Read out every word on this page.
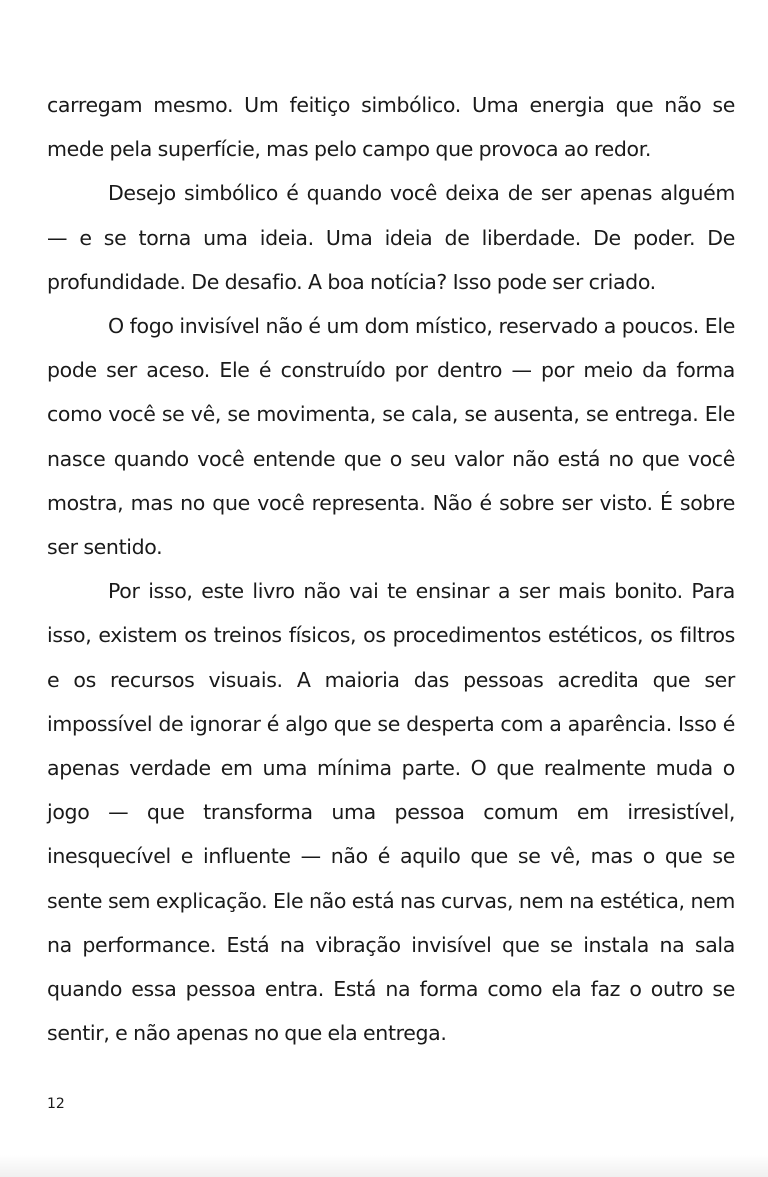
carregam mesmo. Um feitiço simbólico. Uma energia que não se mede pela superfície, mas pelo campo que provoca ao redor.

Desejo simbólico é quando você deixa de ser apenas alguém — e se torna uma ideia. Uma ideia de liberdade. De poder. De profundidade. De desafio. A boa notícia? Isso pode ser criado.

O fogo invisível não é um dom místico, reservado a poucos. Ele pode ser aceso. Ele é construído por dentro — por meio da forma como você se vê, se movimenta, se cala, se ausenta, se entrega. Ele nasce quando você entende que o seu valor não está no que você mostra, mas no que você representa. Não é sobre ser visto. É sobre ser sentido.

Por isso, este livro não vai te ensinar a ser mais bonito. Para isso, existem os treinos físicos, os procedimentos estéticos, os filtros e os recursos visuais. A maioria das pessoas acredita que ser impossível de ignorar é algo que se desperta com a aparência. Isso é apenas verdade em uma mínima parte. O que realmente muda o jogo — que transforma uma pessoa comum em irresistível, inesquecível e influente — não é aquilo que se vê, mas o que se sente sem explicação. Ele não está nas curvas, nem na estética, nem na performance. Está na vibração invisível que se instala na sala quando essa pessoa entra. Está na forma como ela faz o outro se sentir, e não apenas no que ela entrega.

12
